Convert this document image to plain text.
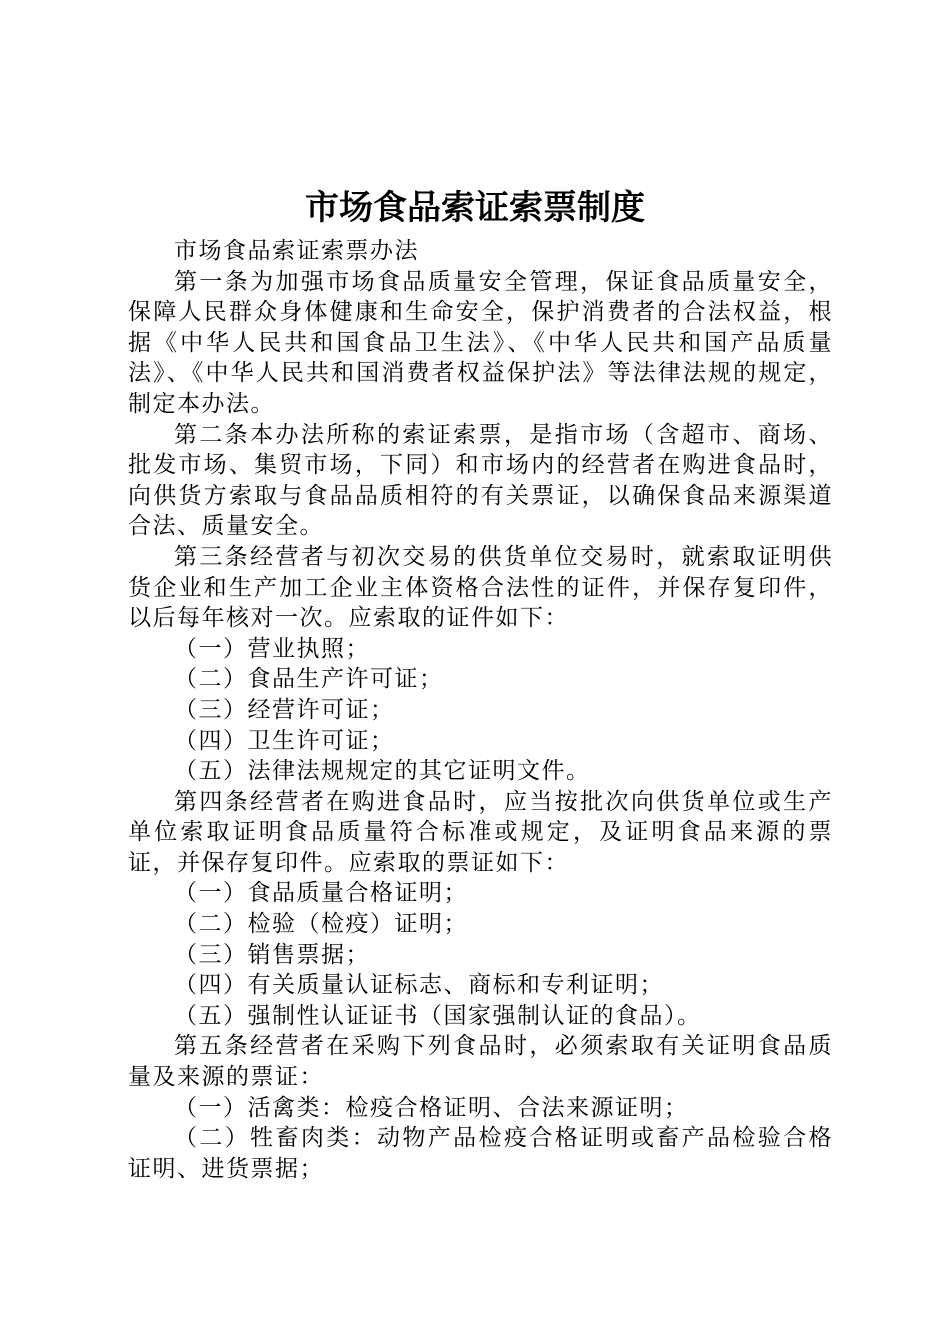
市场食品索证索票制度

市场食品索证索票办法

第一条为加强市场食品质量安全管理，保证食品质量安全，保障人民群众身体健康和生命安全，保护消费者的合法权益，根据《中华人民共和国食品卫生法》、《中华人民共和国产品质量法》、《中华人民共和国消费者权益保护法》等法律法规的规定，制定本办法。

第二条本办法所称的索证索票，是指市场（含超市、商场、批发市场、集贸市场，下同）和市场内的经营者在购进食品时，向供货方索取与食品品质相符的有关票证，以确保食品来源渠道合法、质量安全。

第三条经营者与初次交易的供货单位交易时，就索取证明供货企业和生产加工企业主体资格合法性的证件，并保存复印件，以后每年核对一次。应索取的证件如下：

（一）营业执照；

（二）食品生产许可证；

（三）经营许可证；

（四）卫生许可证；

（五）法律法规规定的其它证明文件。

第四条经营者在购进食品时，应当按批次向供货单位或生产单位索取证明食品质量符合标准或规定，及证明食品来源的票证，并保存复印件。应索取的票证如下：

（一）食品质量合格证明；

（二）检验（检疫）证明；

（三）销售票据；

（四）有关质量认证标志、商标和专利证明；

（五）强制性认证证书（国家强制认证的食品）。

第五条经营者在采购下列食品时，必须索取有关证明食品质量及来源的票证：

（一）活禽类：检疫合格证明、合法来源证明；

（二）牲畜肉类：动物产品检疫合格证明或畜产品检验合格证明、进货票据；
